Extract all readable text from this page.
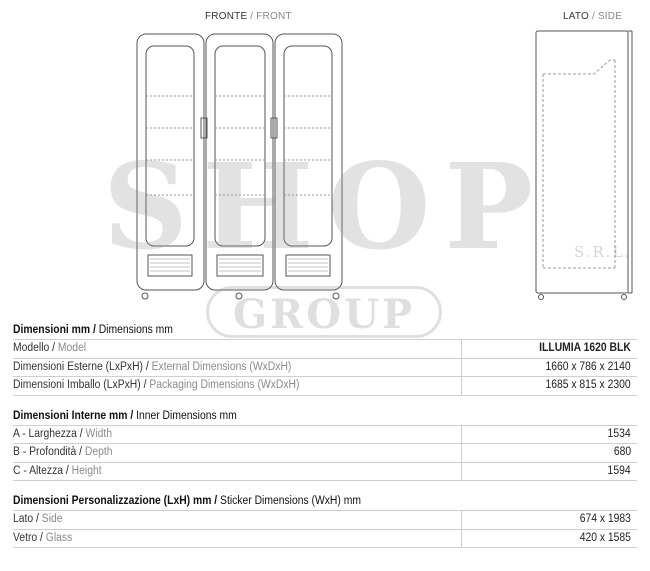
FRONTE / FRONT	LATO / SIDE
SHOP
GROUP
S.R.L.
Dimensioni mm / Dimensions mm
Modello / Model	ILLUMIA 1620 BLK
Dimensioni Esterne (LxPxH) / External Dimensions (WxDxH)	1660 x 786 x 2140
Dimensioni Imballo (LxPxH) / Packaging Dimensions (WxDxH)	1685 x 815 x 2300
Dimensioni Interne mm / Inner Dimensions mm
A - Larghezza / Width	1534
B - Profondità / Depth	680
C - Altezza / Height	1594
Dimensioni Personalizzazione (LxH) mm / Sticker Dimensions (WxH) mm
Lato / Side	674 x 1983
Vetro / Glass	420 x 1585
